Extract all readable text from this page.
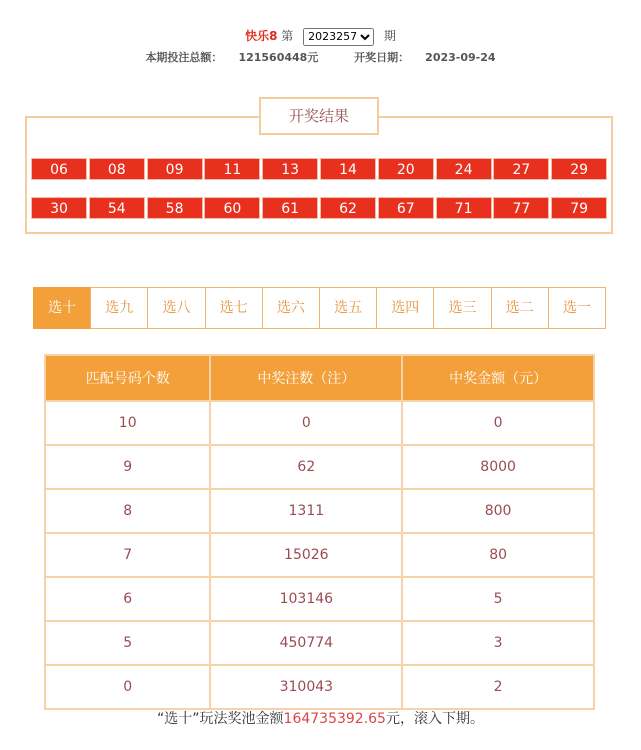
快乐8 第
2023257	期
本期投注总额： 121560448元	开奖日期： 2023-09-24
开奖结果
06	08	09	11	13	14	20	24	27	29
30	54	58	60	61	62	67	71	77	79
选十	选九	选八	选七	选六	选五	选四	选三	选二	选一
匹配号码个数	中奖注数（注）	中奖金额（元）
10	0	0
9	62	8000
8	1311	800
7	15026	80
6	103146	5
5	450774	3
0	310043	2
“选十”玩法奖池金额164735392.65元，滚入下期。
